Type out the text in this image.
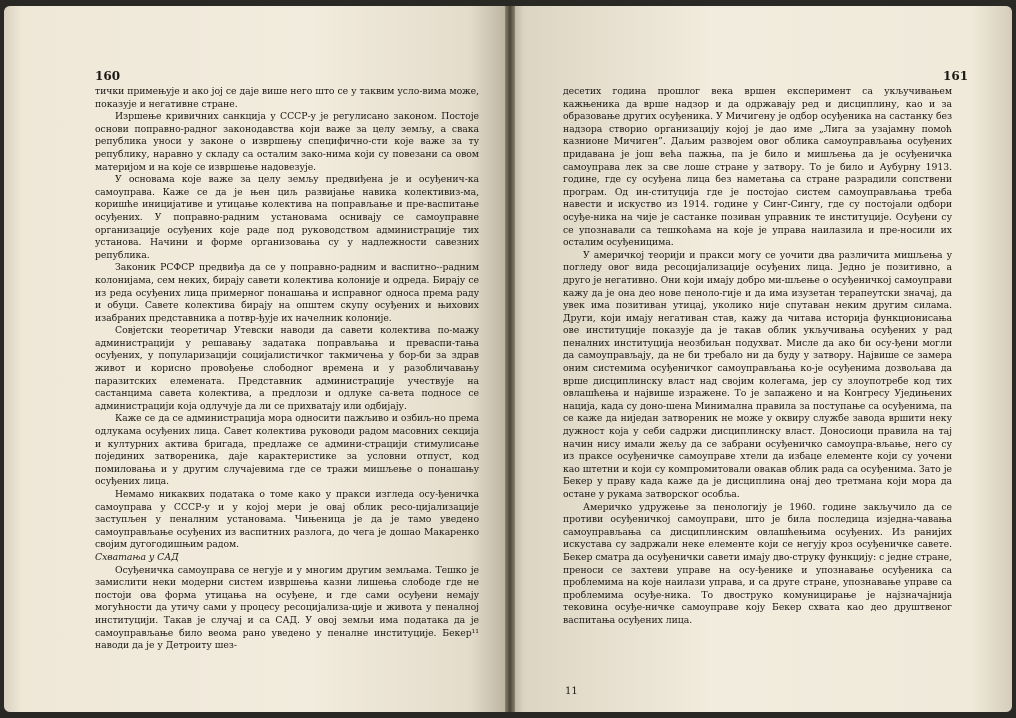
160

тички примењује и ако јој се даје више него што се у таквим усло-вима може, показује и негативне стране.

Изршење кривичних санкција у СССР-у је регулисано законом. Постоје основи поправно-радног законодавства који важе за целу земљу, а свака република уноси у законе о извршењу специфично-сти које важе за ту републику, наравно у складу са осталим зако-нима који су повезани са овом материјом и на које се извршење надовезује.

У основама које важе за целу земљу предвиђена је и осуђенич-ка самоуправа. Каже се да је њен циљ развијање навика колективиз-ма, коришће иницијативе и утицање колектива на поправљање и пре-васпитање осуђених. У поправно-радним установама оснивају се самоуправне организације осуђених које раде под руководством администрације тих установа. Начини и форме организовања су у надлежности савезних република.

Законик РСФСР предвиђа да се у поправно-радним и васпитно--радним колонијама, сем неких, бирају савети колектива колоније и одреда. Бирају се из реда осуђених лица примерног понашања и исправног односа према раду и обуци. Савете колектива бирају на општем скупу осуђених и њихових изабраних представника а потвр-ђује их начелник колоније.

Совјетски теоретичар Утевски наводи да савети колектива по-мажу администрацији у решавању задатака поправљања и преваспи-тања осуђених, у популаризацији социјалистичког такмичења у бор-би за здрав живот и корисно провођење слободног времена и у разобличавању паразитских елемената. Представник администрације учествује на састанцима савета колектива, а предлози и одлуке са-вета подносе се администрацији која одлучује да ли се прихватају или одбијају.

Каже се да се администрација мора односити пажљиво и озбиљ-но према одлукама осуђених лица. Савет колектива руководи радом масовних секција и културних актива бригада, предлаже се админи-страцији стимулисање појединих затвореника, даје карактеристике за условни отпуст, код помиловања и у другим случајевима где се тражи мишљење о понашању осуђених лица.

Немамо никаквих података о томе како у пракси изгледа осу-ђеничка самоуправа у СССР-у и у којој мери је овај облик ресо-цијализације заступљен у пеналним установама. Чињеница је да је тамо уведено самоуправљање осуђених из васпитних разлога, до чега је дошао Макаренко својим дугогодишњим радом.

Схватања у САД

Осуђеничка самоуправа се негује и у многим другим земљама. Тешко је замислити неки модерни систем извршења казни лишења слободе где не постоји ова форма утицања на осуђене, и где сами осуђени немају могућности да утичу сами у процесу ресоцијализа-ције и живота у пеналној институцији. Такав је случај и са САД. У овој земљи има података да је самоуправљање било веома рано уведено у пеналне институције. Бекер¹¹ наводи да је у Детроиту шез-

161

десетих година прошлог века вршен експеримент са укључивањем кажњеника да врше надзор и да одржавају ред и дисциплину, као и за образовање других осуђеника. У Мичигену је одбор осуђеника на састанку без надзора створио организацију којој је дао име „Лига за узајамну помоћ казнионе Мичиген”. Даљим развојем овог облика самоуправљања осуђених придавана је још већа пажња, па је било и мишљења да је осуђеничка самоуправа лек за све лоше стране у затвору. То је било и Аубурну 1913. године, где су осуђена лица без наметања са стране разрадили сопствени програм. Од ин-ституција где је постојао систем самоуправљања треба навести и искуство из 1914. године у Синг-Сингу, где су постојали одбори осуђе-ника на чије је састанке позиван управник те институције. Осуђени су се упознавали са тешкоћама на које је управа наилазила и пре-носили их осталим осуђеницима.

У америчкој теорији и пракси могу се уочити два различита мишљења у погледу овог вида ресоцијализације осуђених лица. Једно је позитивно, а друго је негативно. Они који имају добро ми-шљење о осуђеничкој самоуправи кажу да је она део нове пеноло-гије и да има изузетан терапеутски значај, да увек има позитиван утицај, уколико није спутаван неким другим силама. Други, који имају негативан став, кажу да читава историја функционисања ове институције показује да је такав облик укључивања осуђених у рад пеналних институција неозбиљан подухват. Мисле да ако би осу-ђени могли да самоуправљају, да не би требало ни да буду у затвору. Највише се замера оним системима осуђеничког самоуправљања ко-је осуђенима дозвољава да врше дисциплинску власт над својим колегама, јер су злоупотребе код тих овлашћења и највише изражене. То је запажено и на Конгресу Уједињених нација, када су доно-шена Минимална правила за поступање са осуђенима, па се каже да ниједан затвореник не може у оквиру службе заводa вршити неку дужност која у себи садржи дисциплинску власт. Доносиоци правила на тај начин нису имали жељу да се забрани осуђеничко самоупра-вљање, него су из праксе осуђеничке самоуправе хтели да избаце елементе који су уочени као штетни и који су компромитовали овакав облик рада са осуђенима. Зато је Бекер у праву када каже да је дисциплина онај део третмана који мора да остане у рукама затворског особља.

Америчко удружење за пенологију је 1960. године закључило да се противи осуђеничкој самоуправи, што је била последица изједна-чавања самоуправљања са дисциплинским овлашћењима осуђених. Из ранијих искустава су задржали неке елементе који се негују кроз осуђеничке савете. Бекер сматра да осуђенички савети имају дво-струку функцију: с једне стране, преноси се захтеви управе на осу-ђенике и упознавање осуђеника са проблемима на које наилази управа, и са друге стране, упознавање управе са проблемима осуђе-ника. То двоструко комуницирање је најзначајнија тековина осуђе-ничке самоуправе коју Бекер схвата као део друштвеног васпитања осуђених лица.

11
